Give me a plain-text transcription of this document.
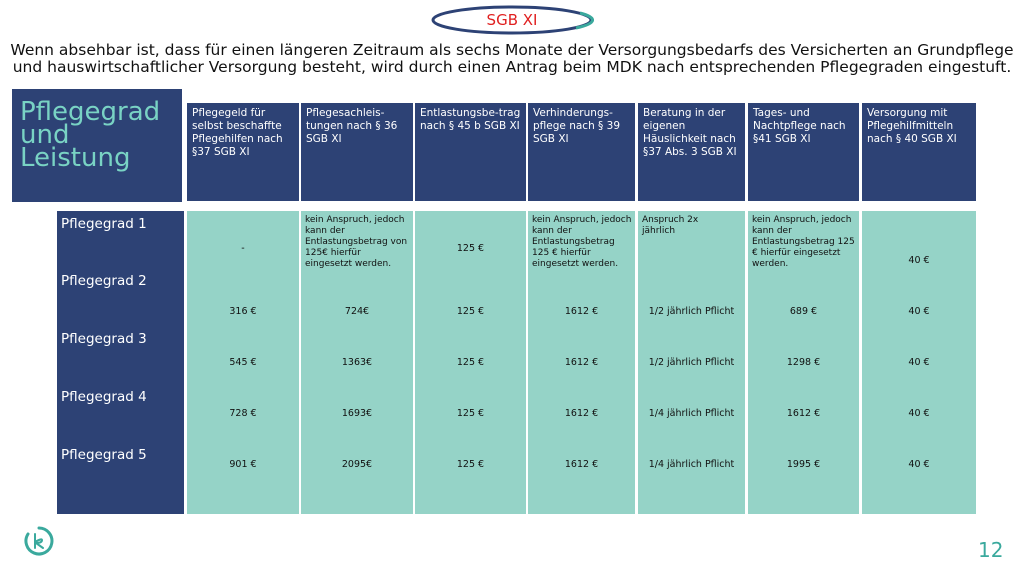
SGB XI
Wenn absehbar ist, dass für einen längeren Zeitraum als sechs Monate der Versorgungsbedarfs des Versicherten an Grundpflege und hauswirtschaftlicher Versorgung besteht, wird durch einen Antrag beim MDK nach entsprechenden Pflegegraden eingestuft.
Pflegegrad
und
Leistung
Pflegegeld für selbst beschaffte Pflegehilfen nach §37 SGB XI
Pflegesachleis-tungen nach § 36 SGB XI
Entlastungsbe-trag nach § 45 b SGB XI
Verhinderungs-pflege nach § 39 SGB XI
Beratung in der eigenen Häuslichkeit nach §37 Abs. 3 SGB XI
Tages- und Nachtpflege nach §41 SGB XI
Versorgung mit Pflegehilfmitteln nach § 40 SGB XI
Pflegegrad 1
Pflegegrad 2
Pflegegrad 3
Pflegegrad 4
Pflegegrad 5
-
316 €
545 €
728 €
901 €
kein Anspruch, jedoch kann der Entlastungsbetrag von 125€ hierfür eingesetzt werden.
724€
1363€
1693€
2095€
125 €
125 €
125 €
125 €
125 €
kein Anspruch, jedoch kann der Entlastungsbetrag 125 € hierfür eingesetzt werden.
1612 €
1612 €
1612 €
1612 €
Anspruch 2x jährlich
1/2 jährlich Pflicht
1/2 jährlich Pflicht
1/4 jährlich Pflicht
1/4 jährlich Pflicht
kein Anspruch, jedoch kann der Entlastungsbetrag 125 € hierfür eingesetzt werden.
689 €
1298 €
1612 €
1995 €
40 €
40 €
40 €
40 €
40 €
12
